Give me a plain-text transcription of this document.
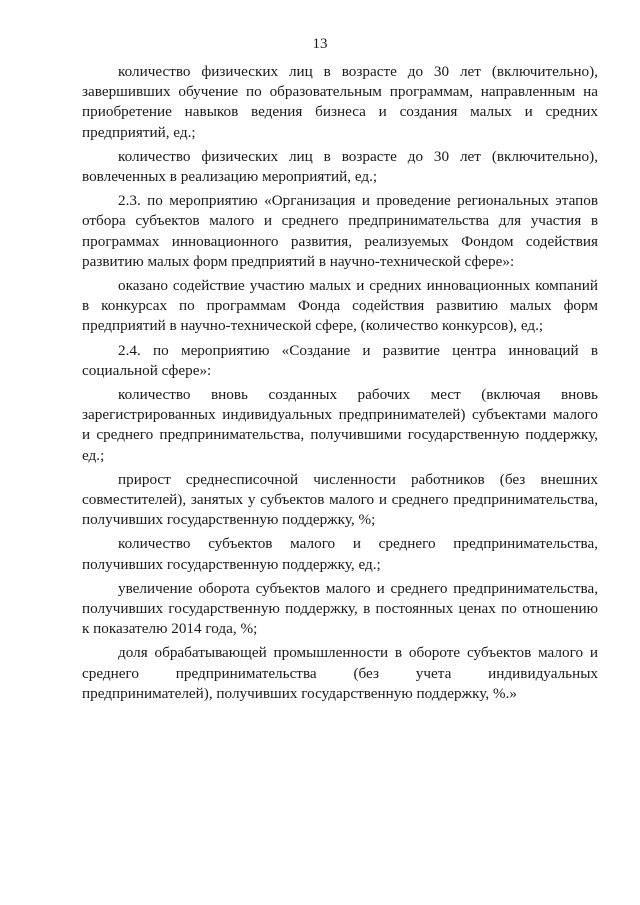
13

количество физических лиц в возрасте до 30 лет (включительно), завершивших обучение по образовательным программам, направленным на приобретение навыков ведения бизнеса и создания малых и средних предприятий, ед.;

количество физических лиц в возрасте до 30 лет (включительно), вовлеченных в реализацию мероприятий, ед.;

2.3. по мероприятию «Организация и проведение региональных этапов отбора субъектов малого и среднего предпринимательства для участия в программах инновационного развития, реализуемых Фондом содействия развитию малых форм предприятий в научно-технической сфере»:

оказано содействие участию малых и средних инновационных компаний в конкурсах по программам Фонда содействия развитию малых форм предприятий в научно-технической сфере, (количество конкурсов), ед.;

2.4. по мероприятию «Создание и развитие центра инноваций в социальной сфере»:

количество вновь созданных рабочих мест (включая вновь зарегистрированных индивидуальных предпринимателей) субъектами малого и среднего предпринимательства, получившими государственную поддержку, ед.;

прирост среднесписочной численности работников (без внешних совместителей), занятых у субъектов малого и среднего предпринимательства, получивших государственную поддержку, %;

количество субъектов малого и среднего предпринимательства, получивших государственную поддержку, ед.;

увеличение оборота субъектов малого и среднего предпринимательства, получивших государственную поддержку, в постоянных ценах по отношению к показателю 2014 года, %;

доля обрабатывающей промышленности в обороте субъектов малого и среднего предпринимательства (без учета индивидуальных предпринимателей), получивших государственную поддержку, %.»
